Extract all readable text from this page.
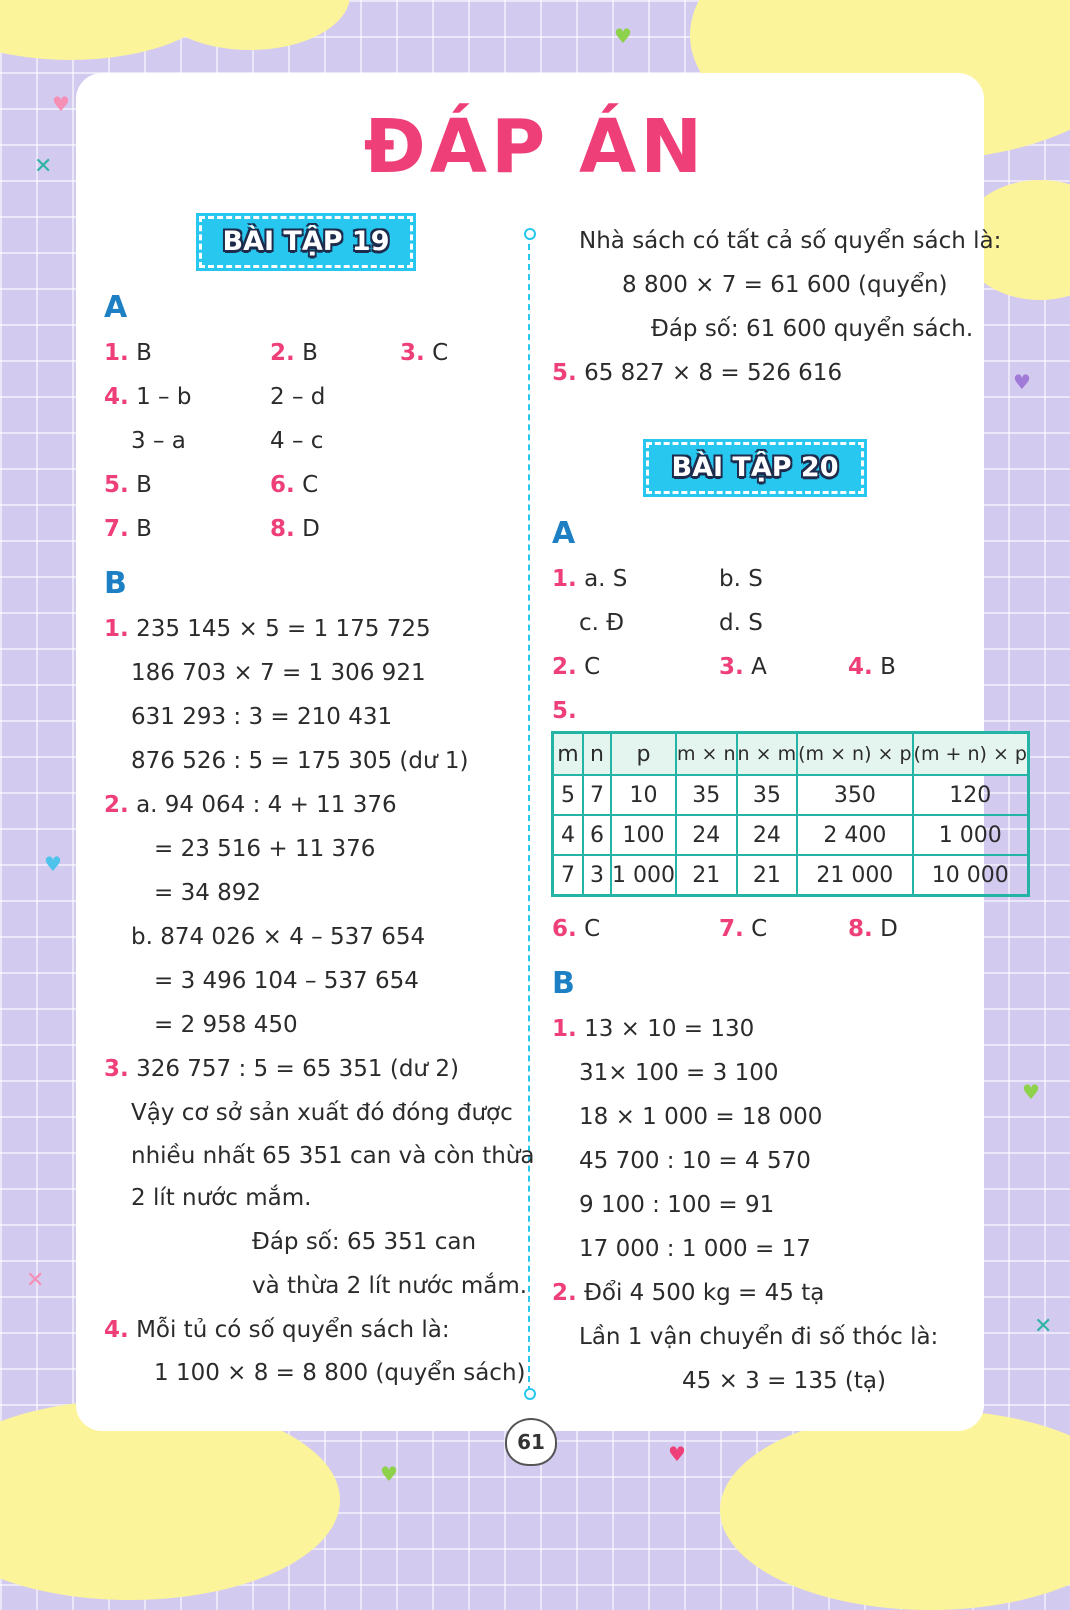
♥
♥
♥
♥
♥
♥
♥
✕
✕
✕
ĐÁP ÁN
BÀI TẬP 19
A
1. B	2. B	3. C
4. 1 – b	2 – d
3 – a	4 – c
5. B	6. C
7. B	8. D
B
1. 235 145 × 5 = 1 175 725
186 703 × 7 = 1 306 921
631 293 : 3 = 210 431
876 526 : 5 = 175 305 (dư 1)
2. a. 94 064 : 4 + 11 376
= 23 516 + 11 376
= 34 892
b. 874 026 × 4 – 537 654
= 3 496 104 – 537 654
= 2 958 450
3. 326 757 : 5 = 65 351 (dư 2)
Vậy cơ sở sản xuất đó đóng được
nhiều nhất 65 351 can và còn thừa
2 lít nước mắm.
Đáp số: 65 351 can
và thừa 2 lít nước mắm.
4. Mỗi tủ có số quyển sách là:
1 100 × 8 = 8 800 (quyển sách)
Nhà sách có tất cả số quyển sách là:
8 800 × 7 = 61 600 (quyển)
Đáp số: 61 600 quyển sách.
5. 65 827 × 8 = 526 616
BÀI TẬP 20
A
1. a. S	b. S
c. Đ	d. S
2. C	3. A	4. B
5.
m	n	p	m × n	n × m	(m × n) × p	(m + n) × p
5	7	10	35	35	350	120
4	6	100	24	24	2 400	1 000
7	3	1 000	21	21	21 000	10 000
6. C	7. C	8. D
B
1. 13 × 10 = 130
31× 100 = 3 100
18 × 1 000 = 18 000
45 700 : 10 = 4 570
9 100 : 100 = 91
17 000 : 1 000 = 17
2. Đổi 4 500 kg = 45 tạ
Lần 1 vận chuyển đi số thóc là:
45 × 3 = 135 (tạ)
61
